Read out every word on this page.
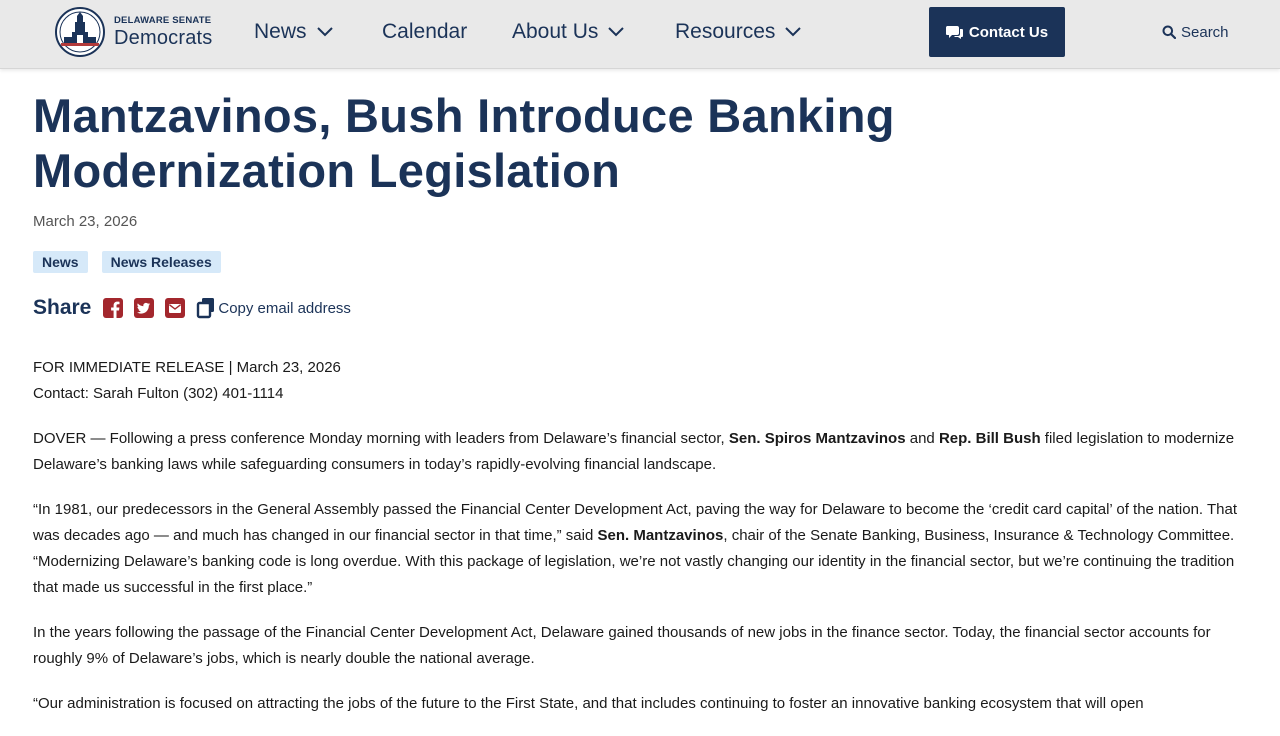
DELAWARE SENATE
Democrats News	Calendar About Us	Resources	Contact Us	Search
Mantzavinos, Bush Introduce Banking Modernization Legislation
March 23, 2026
News	News Releases
Share	Copy email address

FOR IMMEDIATE RELEASE | March 23, 2026

Contact: Sarah Fulton (302) 401-1114

DOVER — Following a press conference Monday morning with leaders from Delaware’s financial sector, Sen. Spiros Mantzavinos and Rep. Bill Bush filed legislation to modernize Delaware’s banking laws while safeguarding consumers in today’s rapidly-evolving financial landscape.

“In 1981, our predecessors in the General Assembly passed the Financial Center Development Act, paving the way for Delaware to become the ‘credit card capital’ of the nation. That was decades ago — and much has changed in our financial sector in that time,” said Sen. Mantzavinos, chair of the Senate Banking, Business, Insurance & Technology Committee. “Modernizing Delaware’s banking code is long overdue. With this package of legislation, we’re not vastly changing our identity in the financial sector, but we’re continuing the tradition that made us successful in the first place.”

In the years following the passage of the Financial Center Development Act, Delaware gained thousands of new jobs in the finance sector. Today, the financial sector accounts for roughly 9% of Delaware’s jobs, which is nearly double the national average.

“Our administration is focused on attracting the jobs of the future to the First State, and that includes continuing to foster an innovative banking ecosystem that will open
